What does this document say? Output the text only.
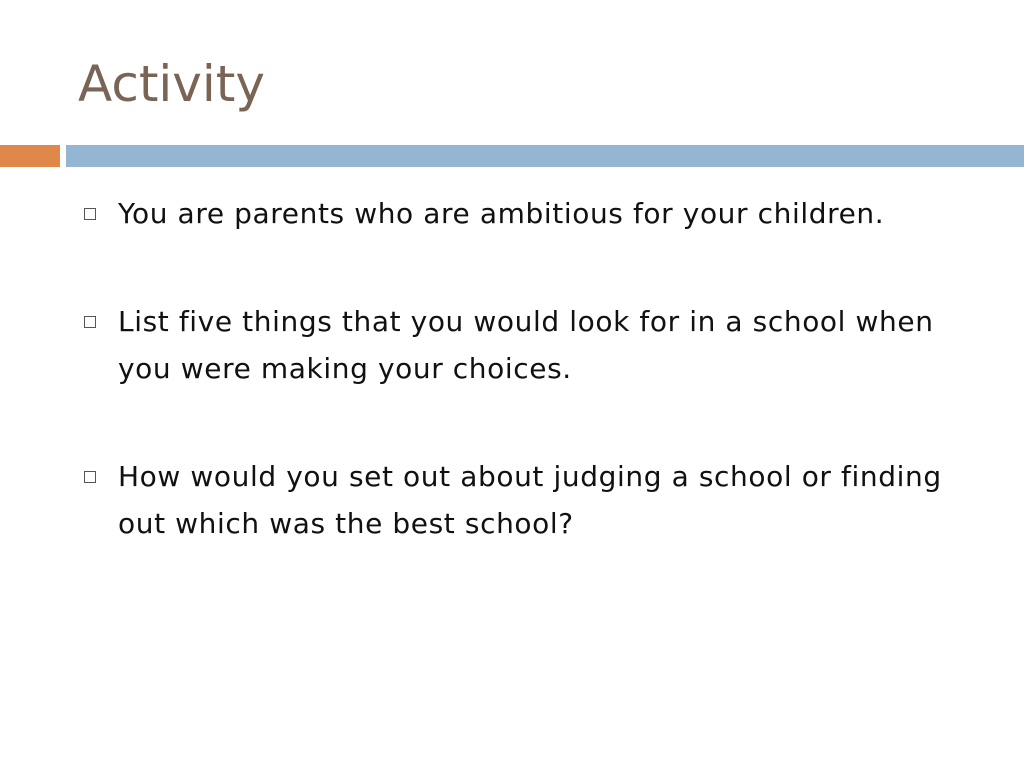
Activity
You are parents who are ambitious for your children.
List five things that you would look for in a school when you were making your choices.
How would you set out about judging a school or finding out which was the best school?
